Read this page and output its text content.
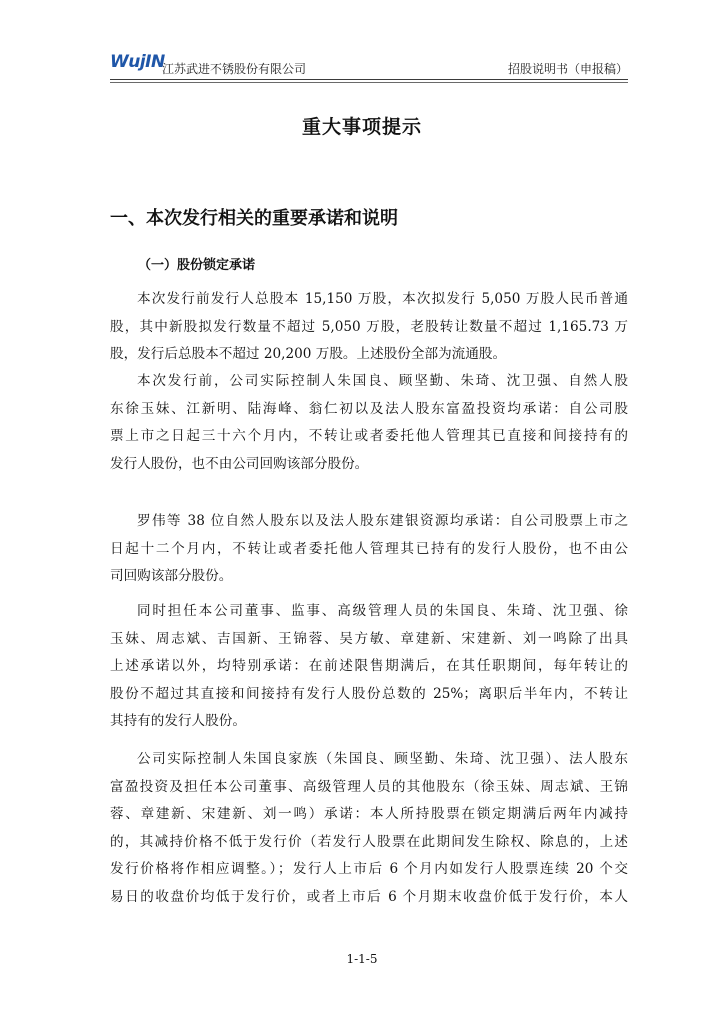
WujIN
江苏武进不锈股份有限公司	招股说明书（申报稿）
重大事项提示
一、本次发行相关的重要承诺和说明
（一）股份锁定承诺
本次发行前发行人总股本 15,150 万股，本次拟发行 5,050 万股人民币普通
股，其中新股拟发行数量不超过 5,050 万股，老股转让数量不超过 1,165.73 万
股，发行后总股本不超过 20,200 万股。上述股份全部为流通股。
本次发行前，公司实际控制人朱国良、顾坚勤、朱琦、沈卫强、自然人股
东徐玉妹、江新明、陆海峰、翁仁初以及法人股东富盈投资均承诺：自公司股
票上市之日起三十六个月内，不转让或者委托他人管理其已直接和间接持有的
发行人股份，也不由公司回购该部分股份。
罗伟等 38 位自然人股东以及法人股东建银资源均承诺：自公司股票上市之
日起十二个月内，不转让或者委托他人管理其已持有的发行人股份，也不由公
司回购该部分股份。
同时担任本公司董事、监事、高级管理人员的朱国良、朱琦、沈卫强、徐
玉妹、周志斌、吉国新、王锦蓉、吴方敏、章建新、宋建新、刘一鸣除了出具
上述承诺以外，均特别承诺：在前述限售期满后，在其任职期间，每年转让的
股份不超过其直接和间接持有发行人股份总数的 25%；离职后半年内，不转让
其持有的发行人股份。
公司实际控制人朱国良家族（朱国良、顾坚勤、朱琦、沈卫强）、法人股东
富盈投资及担任本公司董事、高级管理人员的其他股东（徐玉妹、周志斌、王锦
蓉、章建新、宋建新、刘一鸣）承诺：本人所持股票在锁定期满后两年内减持
的，其减持价格不低于发行价（若发行人股票在此期间发生除权、除息的，上述
发行价格将作相应调整。）；发行人上市后 6 个月内如发行人股票连续 20 个交
易日的收盘价均低于发行价，或者上市后 6 个月期末收盘价低于发行价，本人
1-1-5
